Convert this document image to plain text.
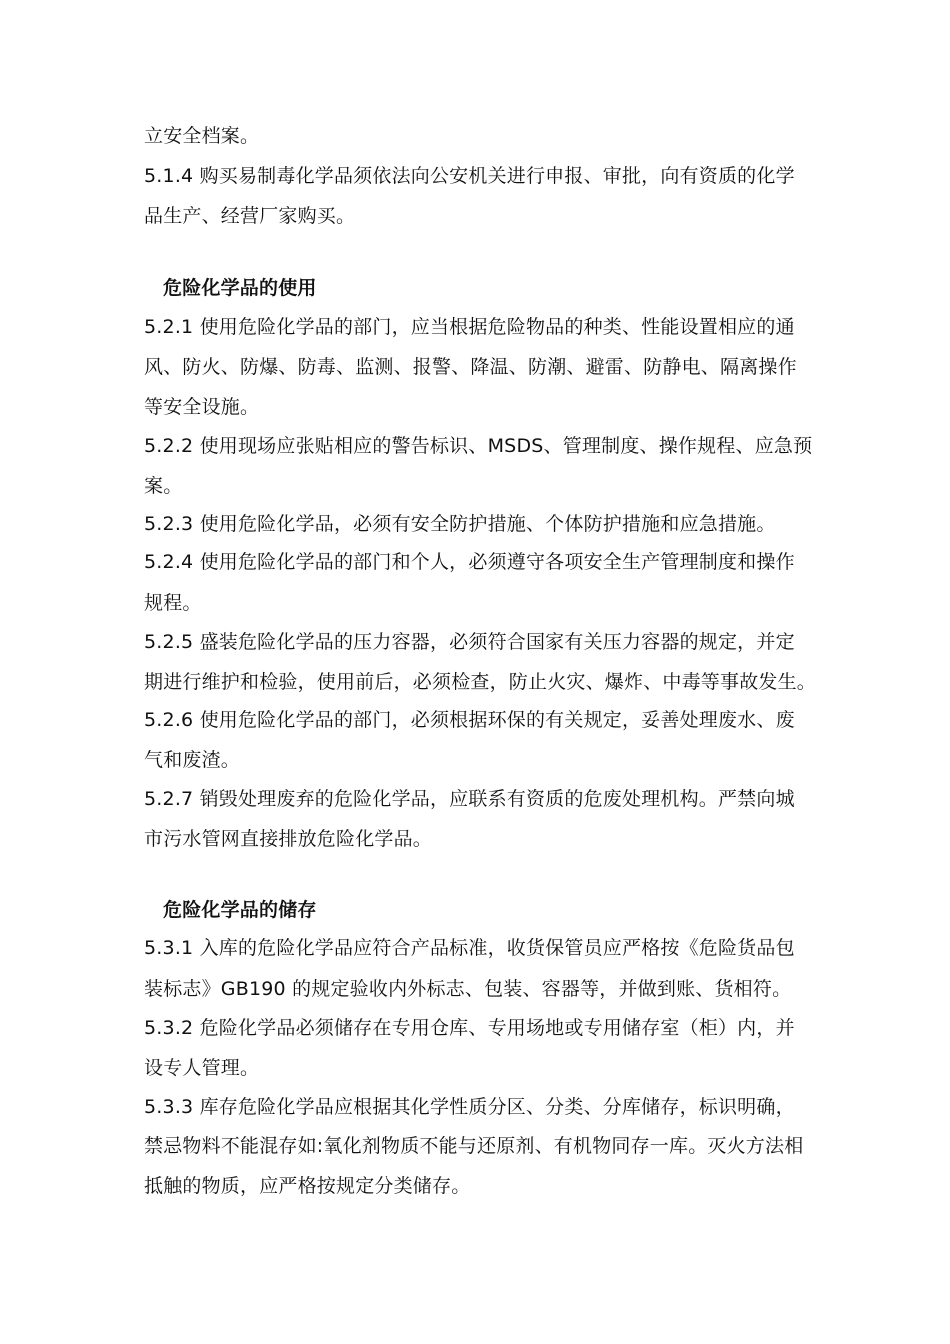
立安全档案。
5.1.4 购买易制毒化学品须依法向公安机关进行申报、审批，向有资质的化学
品生产、经营厂家购买。
危险化学品的使用
5.2.1 使用危险化学品的部门，应当根据危险物品的种类、性能设置相应的通
风、防火、防爆、防毒、监测、报警、降温、防潮、避雷、防静电、隔离操作
等安全设施。
5.2.2 使用现场应张贴相应的警告标识、MSDS、管理制度、操作规程、应急预
案。
5.2.3 使用危险化学品，必须有安全防护措施、个体防护措施和应急措施。
5.2.4 使用危险化学品的部门和个人，必须遵守各项安全生产管理制度和操作
规程。
5.2.5 盛装危险化学品的压力容器，必须符合国家有关压力容器的规定，并定
期进行维护和检验，使用前后，必须检查，防止火灾、爆炸、中毒等事故发生。
5.2.6 使用危险化学品的部门，必须根据环保的有关规定，妥善处理废水、废
气和废渣。
5.2.7 销毁处理废弃的危险化学品，应联系有资质的危废处理机构。严禁向城
市污水管网直接排放危险化学品。
危险化学品的储存
5.3.1 入库的危险化学品应符合产品标准，收货保管员应严格按《危险货品包
装标志》GB190 的规定验收内外标志、包装、容器等，并做到账、货相符。
5.3.2 危险化学品必须储存在专用仓库、专用场地或专用储存室（柜）内，并
设专人管理。
5.3.3 库存危险化学品应根据其化学性质分区、分类、分库储存，标识明确，
禁忌物料不能混存如:氧化剂物质不能与还原剂、有机物同存一库。灭火方法相
抵触的物质，应严格按规定分类储存。
